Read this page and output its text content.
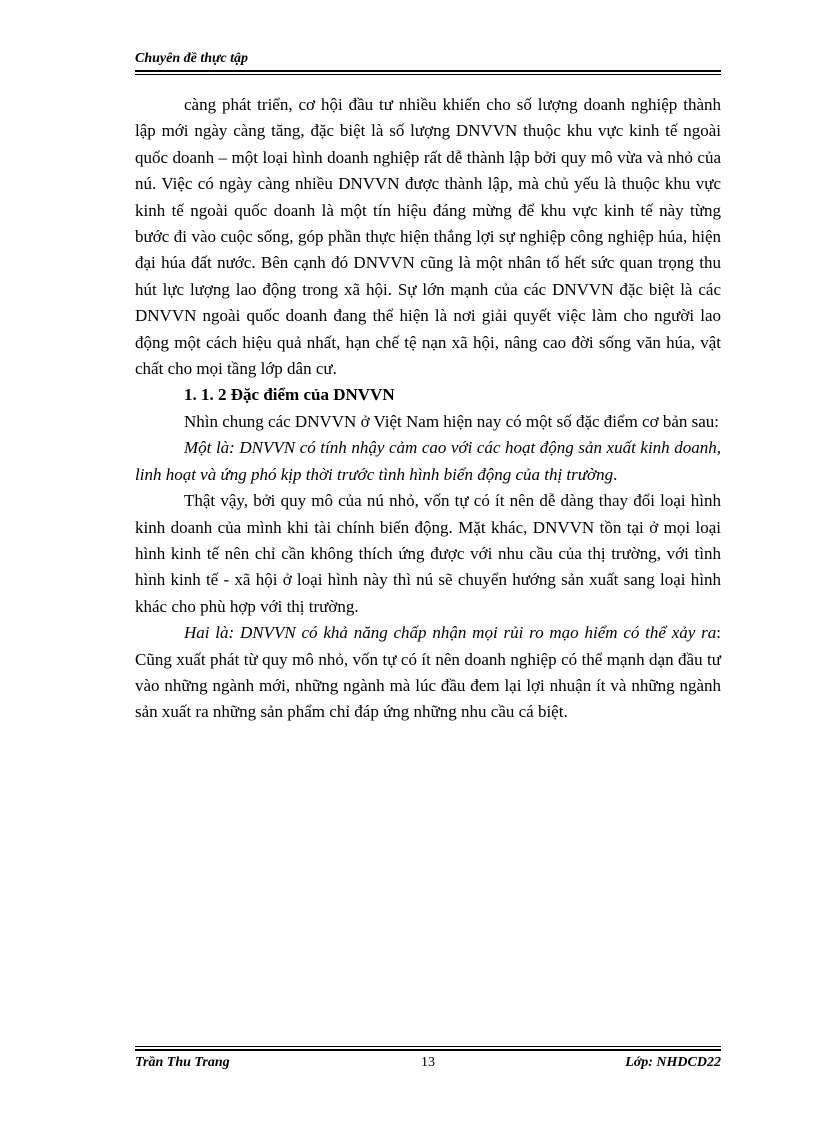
Chuyên đề thực tập

càng phát triển, cơ hội đầu tư nhiều khiến cho số lượng doanh nghiệp thành lập mới ngày càng tăng, đặc biệt là số lượng DNVVN thuộc khu vực kinh tế ngoài quốc doanh – một loại hình doanh nghiệp rất dễ thành lập bởi quy mô vừa và nhỏ của nú. Việc có ngày càng nhiều DNVVN được thành lập, mà chủ yếu là thuộc khu vực kinh tế ngoài quốc doanh là một tín hiệu đáng mừng để khu vực kinh tế này từng bước đi vào cuộc sống, góp phần thực hiện thắng lợi sự nghiệp công nghiệp húa, hiện đại húa đất nước. Bên cạnh đó DNVVN cũng là một nhân tố hết sức quan trọng thu hút lực lượng lao động trong xã hội. Sự lớn mạnh của các DNVVN đặc biệt là các DNVVN ngoài quốc doanh đang thể hiện là nơi giải quyết việc làm cho người lao động một cách hiệu quả nhất, hạn chế tệ nạn xã hội, nâng cao đời sống văn húa, vật chất cho mọi tầng lớp dân cư.

1. 1. 2 Đặc điểm của DNVVN

Nhìn chung các DNVVN ở Việt Nam hiện nay có một số đặc điểm cơ bản sau:

Một là: DNVVN có tính nhậy cảm cao với các hoạt động sản xuất kinh doanh, linh hoạt và ứng phó kịp thời trước tình hình biến động của thị trường.

Thật vậy, bởi quy mô của nú nhỏ, vốn tự có ít nên dễ dàng thay đổi loại hình kinh doanh của mình khi tài chính biến động. Mặt khác, DNVVN tồn tại ở mọi loại hình kinh tế nên chỉ cần không thích ứng được với nhu cầu của thị trường, với tình hình kinh tế - xã hội ở loại hình này thì nú sẽ chuyển hướng sản xuất sang loại hình khác cho phù hợp với thị trường.

Hai là: DNVVN có khả năng chấp nhận mọi rủi ro mạo hiểm có thể xảy ra: Cũng xuất phát từ quy mô nhỏ, vốn tự có ít nên doanh nghiệp có thể mạnh dạn đầu tư vào những ngành mới, những ngành mà lúc đầu đem lại lợi nhuận ít và những ngành sản xuất ra những sản phẩm chỉ đáp ứng những nhu cầu cá biệt.

Trần Thu Trang	13	Lớp: NHDCD22
